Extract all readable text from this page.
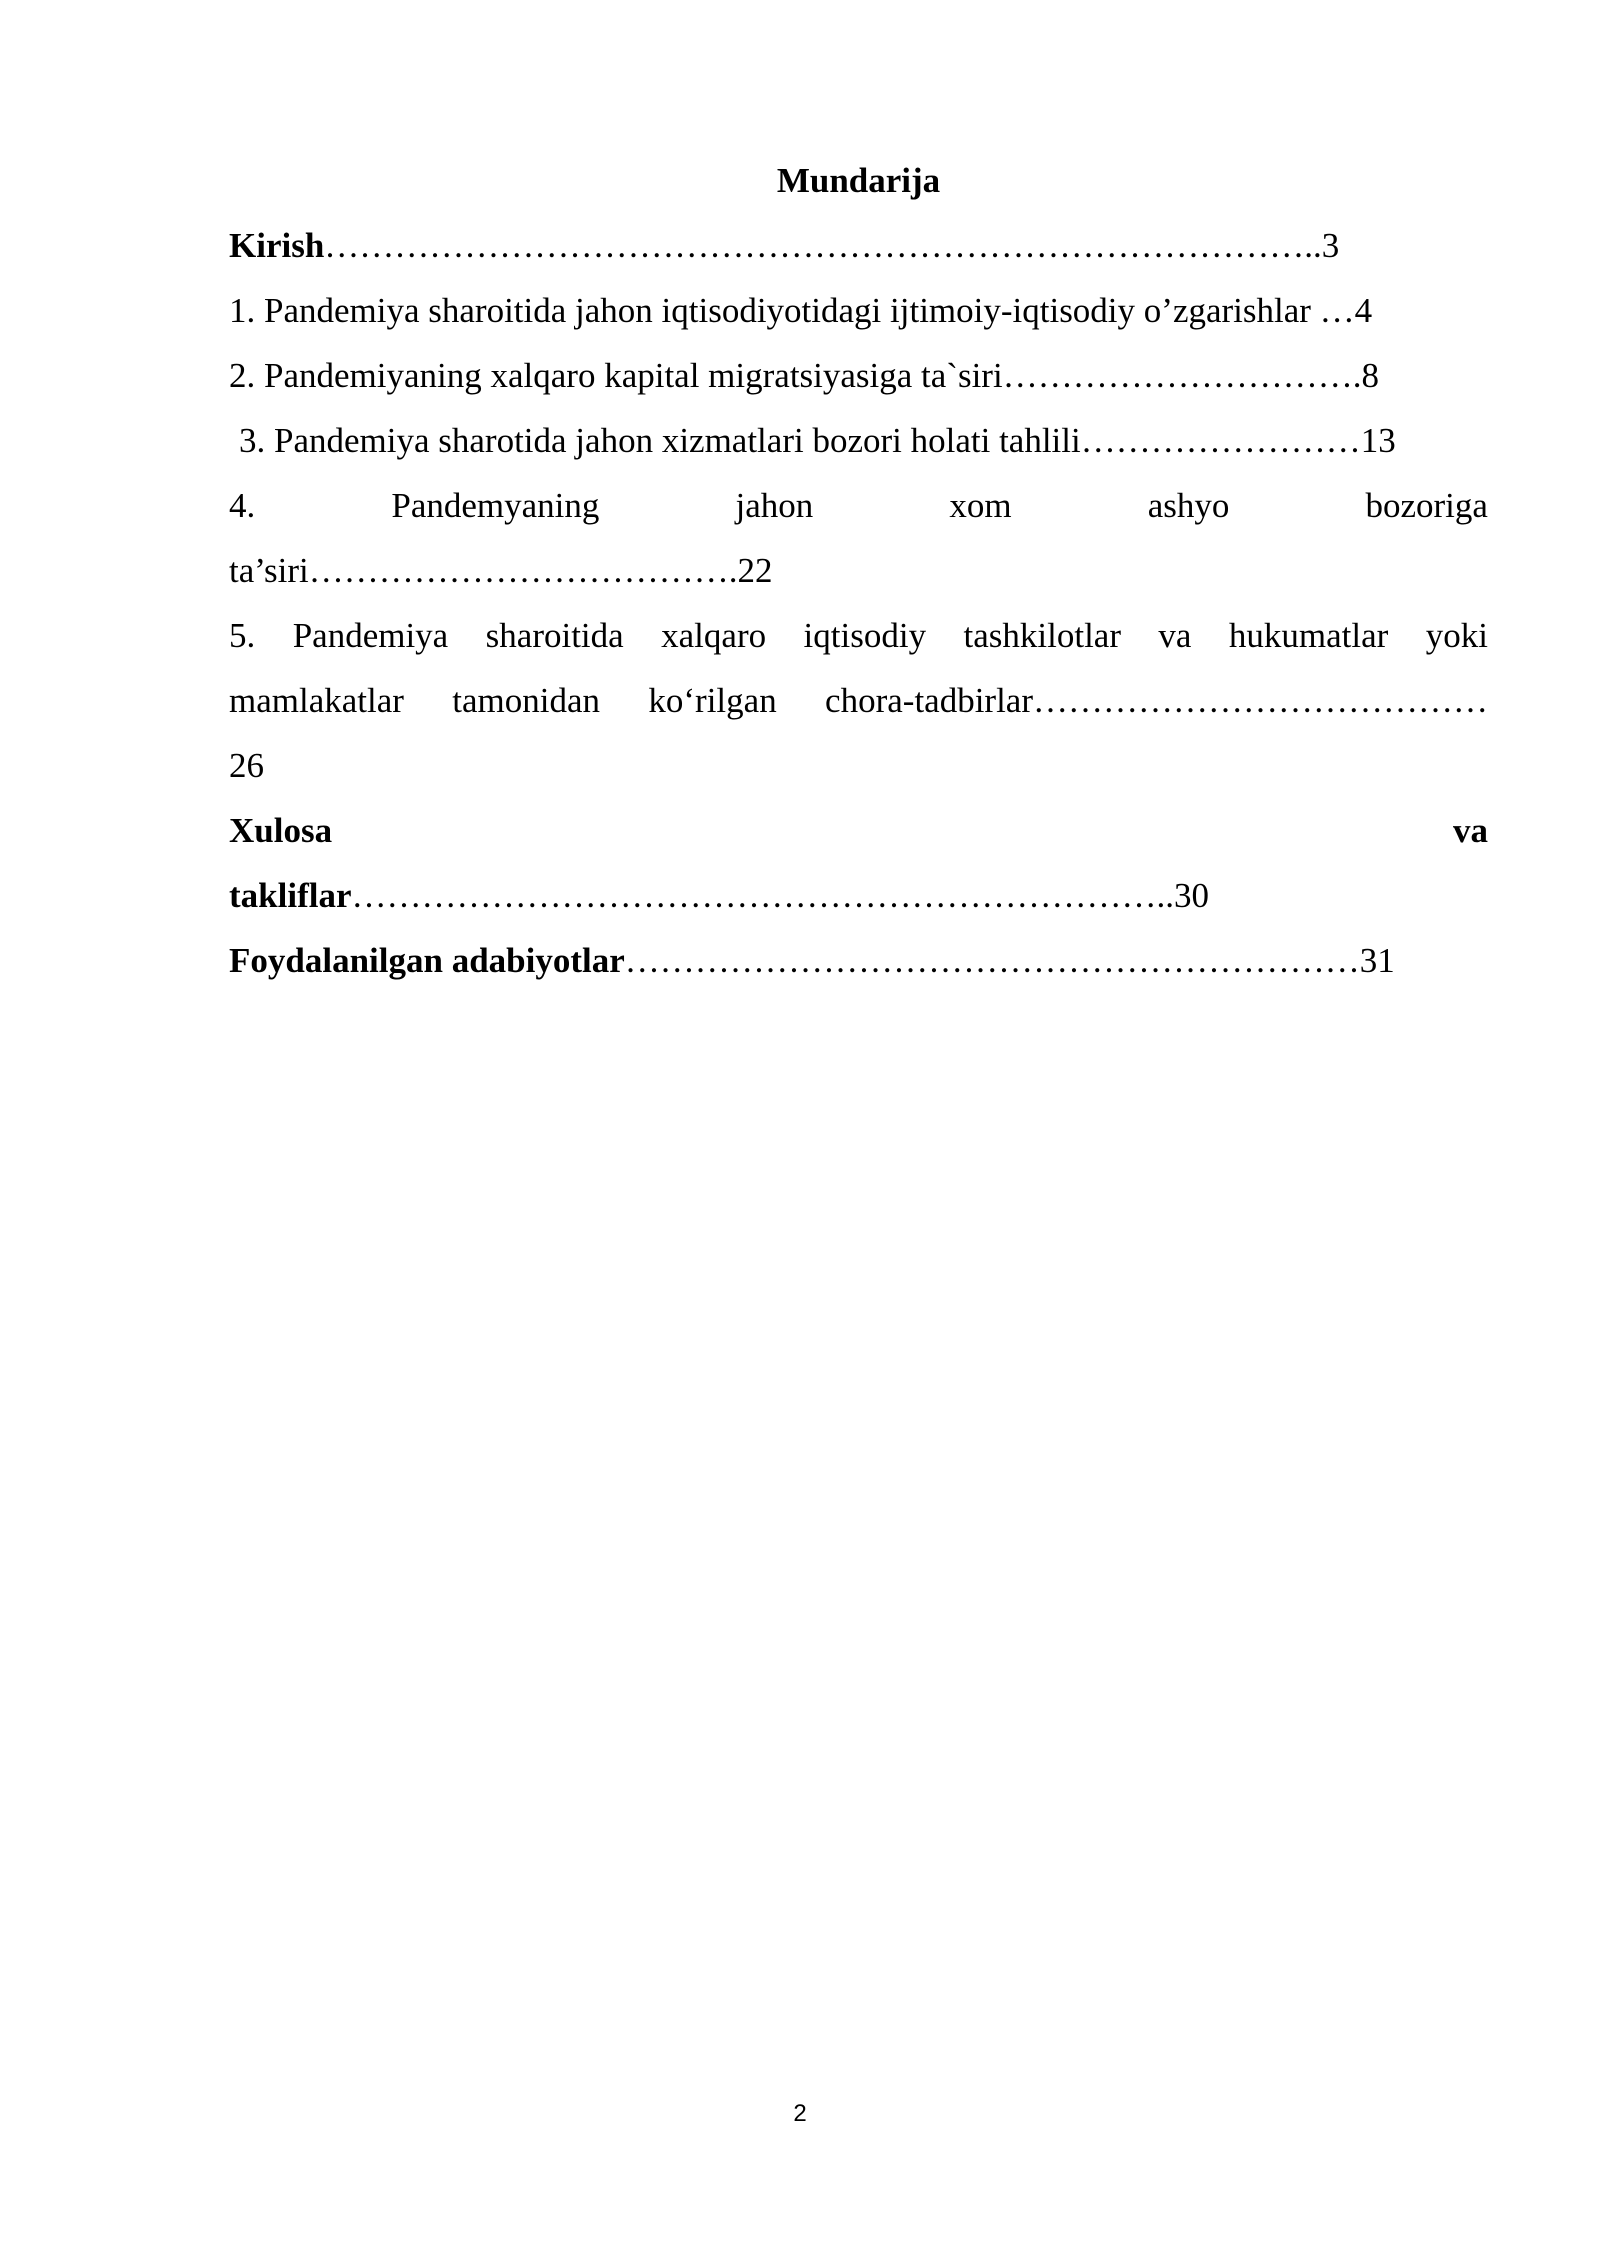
Mundarija
Kirish…………………………………………………………………………..3
1. Pandemiya sharoitida jahon iqtisodiyotidagi ijtimoiy-iqtisodiy o’zgarishlar …4
2. Pandemiyaning xalqaro kapital migratsiyasiga ta`siri………………………….8
3. Pandemiya sharotida jahon xizmatlari bozori holati tahlili……………………13
4.	Pandemyaning	jahon	xom	ashyo	bozoriga
ta’siri……………………………….22
5. Pandemiya sharoitida xalqaro iqtisodiy tashkilotlar va hukumatlar yoki
mamlakatlar tamonidan ko‘rilgan chora-tadbirlar…………………………………
26
Xulosa	va
takliflar……………………………………………………………..30
Foydalanilgan adabiyotlar………………………………………………………31
2
